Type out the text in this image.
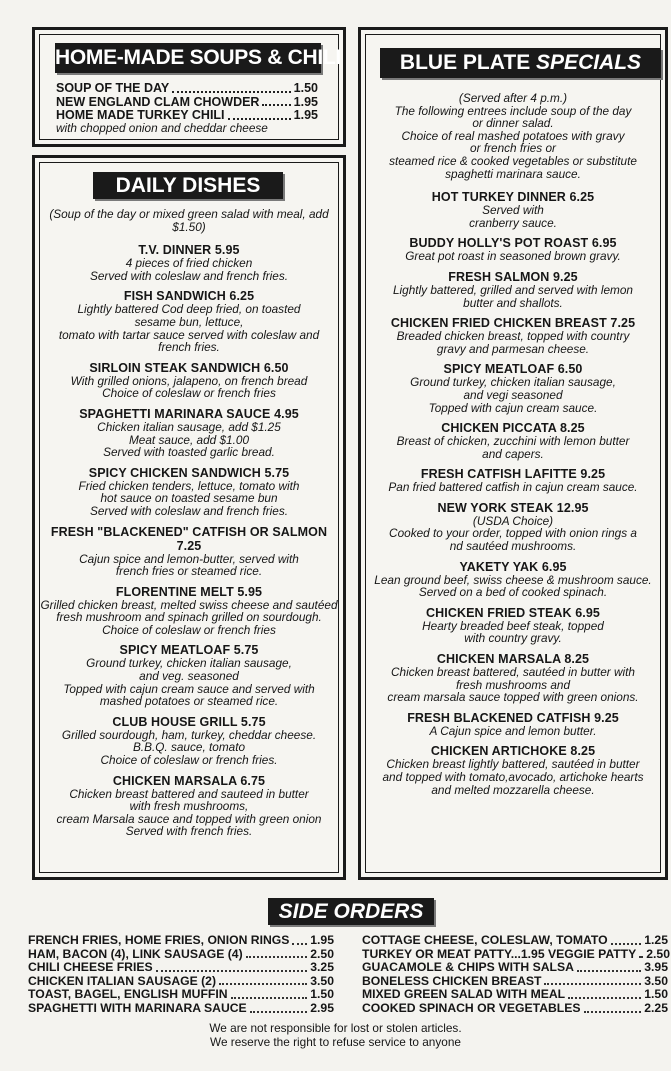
HOME-MADE SOUPS & CHILI
SOUP OF THE DAY	1.50
NEW ENGLAND CLAM CHOWDER	1.95
HOME MADE TURKEY CHILI	1.95
with chopped onion and cheddar cheese
DAILY DISHES
(Soup of the day or mixed green salad with meal, add $1.50)
T.V. DINNER 5.95
4 pieces of fried chicken
Served with coleslaw and french fries.
FISH SANDWICH 6.25
Lightly battered Cod deep fried, on toasted
sesame bun, lettuce,
tomato with tartar sauce served with coleslaw and
french fries.
SIRLOIN STEAK SANDWICH 6.50
With grilled onions, jalapeno, on french bread
Choice of coleslaw or french fries
SPAGHETTI MARINARA SAUCE 4.95
Chicken italian sausage, add $1.25
Meat sauce, add $1.00
Served with toasted garlic bread.
SPICY CHICKEN SANDWICH 5.75
Fried chicken tenders, lettuce, tomato with
hot sauce on toasted sesame bun
Served with coleslaw and french fries.
FRESH "BLACKENED" CATFISH OR SALMON 7.25
Cajun spice and lemon-butter, served with
french fries or steamed rice.
FLORENTINE MELT 5.95
Grilled chicken breast, melted swiss cheese and sautéed
fresh mushroom and spinach grilled on sourdough.
Choice of coleslaw or french fries
SPICY MEATLOAF 5.75
Ground turkey, chicken italian sausage,
and veg. seasoned
Topped with cajun cream sauce and served with
mashed potatoes or steamed rice.
CLUB HOUSE GRILL 5.75
Grilled sourdough, ham, turkey, cheddar cheese.
B.B.Q. sauce, tomato
Choice of coleslaw or french fries.
CHICKEN MARSALA 6.75
Chicken breast battered and sauteed in butter
with fresh mushrooms,
cream Marsala sauce and topped with green onion
Served with french fries.
BLUE PLATE SPECIALS
(Served after 4 p.m.)
The following entrees include soup of the day
or dinner salad.
Choice of real mashed potatoes with gravy
or french fries or
steamed rice & cooked vegetables or substitute
spaghetti marinara sauce.
HOT TURKEY DINNER 6.25
Served with
cranberry sauce.
BUDDY HOLLY'S POT ROAST 6.95
Great pot roast in seasoned brown gravy.
FRESH SALMON 9.25
Lightly battered, grilled and served with lemon
butter and shallots.
CHICKEN FRIED CHICKEN BREAST 7.25
Breaded chicken breast, topped with country
gravy and parmesan cheese.
SPICY MEATLOAF 6.50
Ground turkey, chicken italian sausage,
and vegi seasoned
Topped with cajun cream sauce.
CHICKEN PICCATA 8.25
Breast of chicken, zucchini with lemon butter
and capers.
FRESH CATFISH LAFITTE 9.25
Pan fried battered catfish in cajun cream sauce.
NEW YORK STEAK 12.95
(USDA Choice)
Cooked to your order, topped with onion rings a
nd sautéed mushrooms.
YAKETY YAK 6.95
Lean ground beef, swiss cheese & mushroom sauce.
Served on a bed of cooked spinach.
CHICKEN FRIED STEAK 6.95
Hearty breaded beef steak, topped
with country gravy.
CHICKEN MARSALA 8.25
Chicken breast battered, sautéed in butter with
fresh mushrooms and
cream marsala sauce topped with green onions.
FRESH BLACKENED CATFISH 9.25
A Cajun spice and lemon butter.
CHICKEN ARTICHOKE 8.25
Chicken breast lightly battered, sautéed in butter
and topped with tomato,avocado, artichoke hearts
and melted mozzarella cheese.
SIDE ORDERS
FRENCH FRIES, HOME FRIES, ONION RINGS 1.95
HAM, BACON (4), LINK SAUSAGE (4)	2.50
CHILI CHEESE FRIES	3.25
CHICKEN ITALIAN SAUSAGE (2)	3.50
TOAST, BAGEL, ENGLISH MUFFIN	1.50
SPAGHETTI WITH MARINARA SAUCE	2.95
COTTAGE CHEESE, COLESLAW, TOMATO	1.25
TURKEY OR MEAT PATTY...1.95 VEGGIE PATTY 2.50
GUACAMOLE & CHIPS WITH SALSA	3.95
BONELESS CHICKEN BREAST	3.50
MIXED GREEN SALAD WITH MEAL	1.50
COOKED SPINACH OR VEGETABLES	2.25
We are not responsible for lost or stolen articles.
We reserve the right to refuse service to anyone
